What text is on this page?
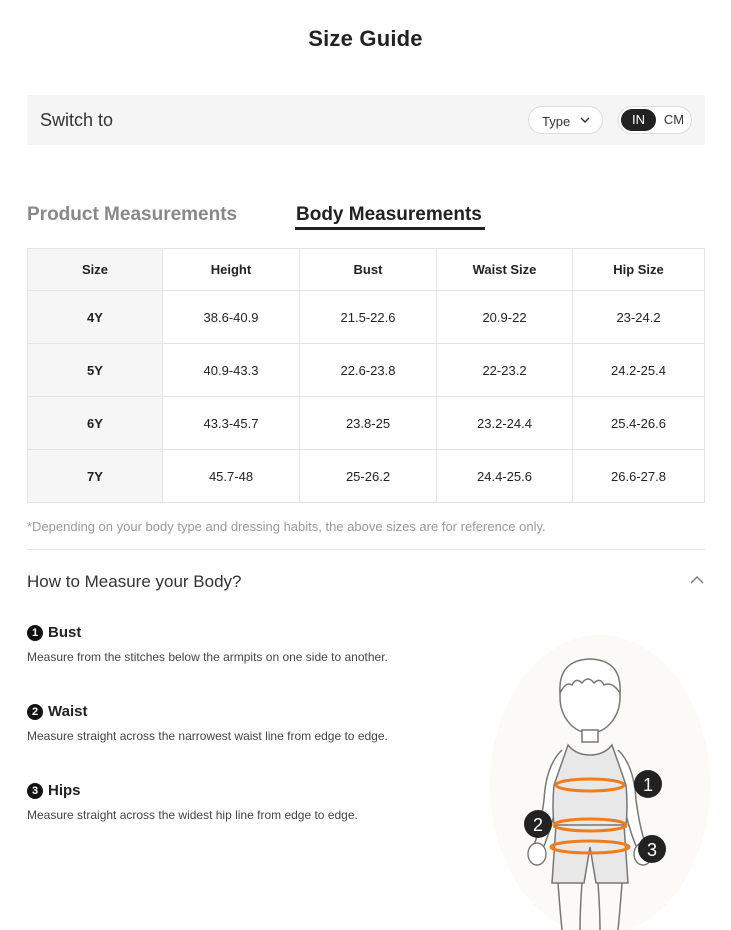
Size Guide
Switch to	Type	IN	CM
Product Measurements	Body Measurements
Size	Height	Bust	Waist Size	Hip Size
4Y	38.6-40.9	21.5-22.6	20.9-22	23-24.2
5Y	40.9-43.3	22.6-23.8	22-23.2	24.2-25.4
6Y	43.3-45.7	23.8-25	23.2-24.4	25.4-26.6
7Y	45.7-48	25-26.2	24.4-25.6	26.6-27.8
*Depending on your body type and dressing habits, the above sizes are for reference only.
How to Measure your Body?
1 Bust
Measure from the stitches below the armpits on one side to another.
2 Waist
Measure straight across the narrowest waist line from edge to edge.
3 Hips
Measure straight across the widest hip line from edge to edge.
1
2
3
